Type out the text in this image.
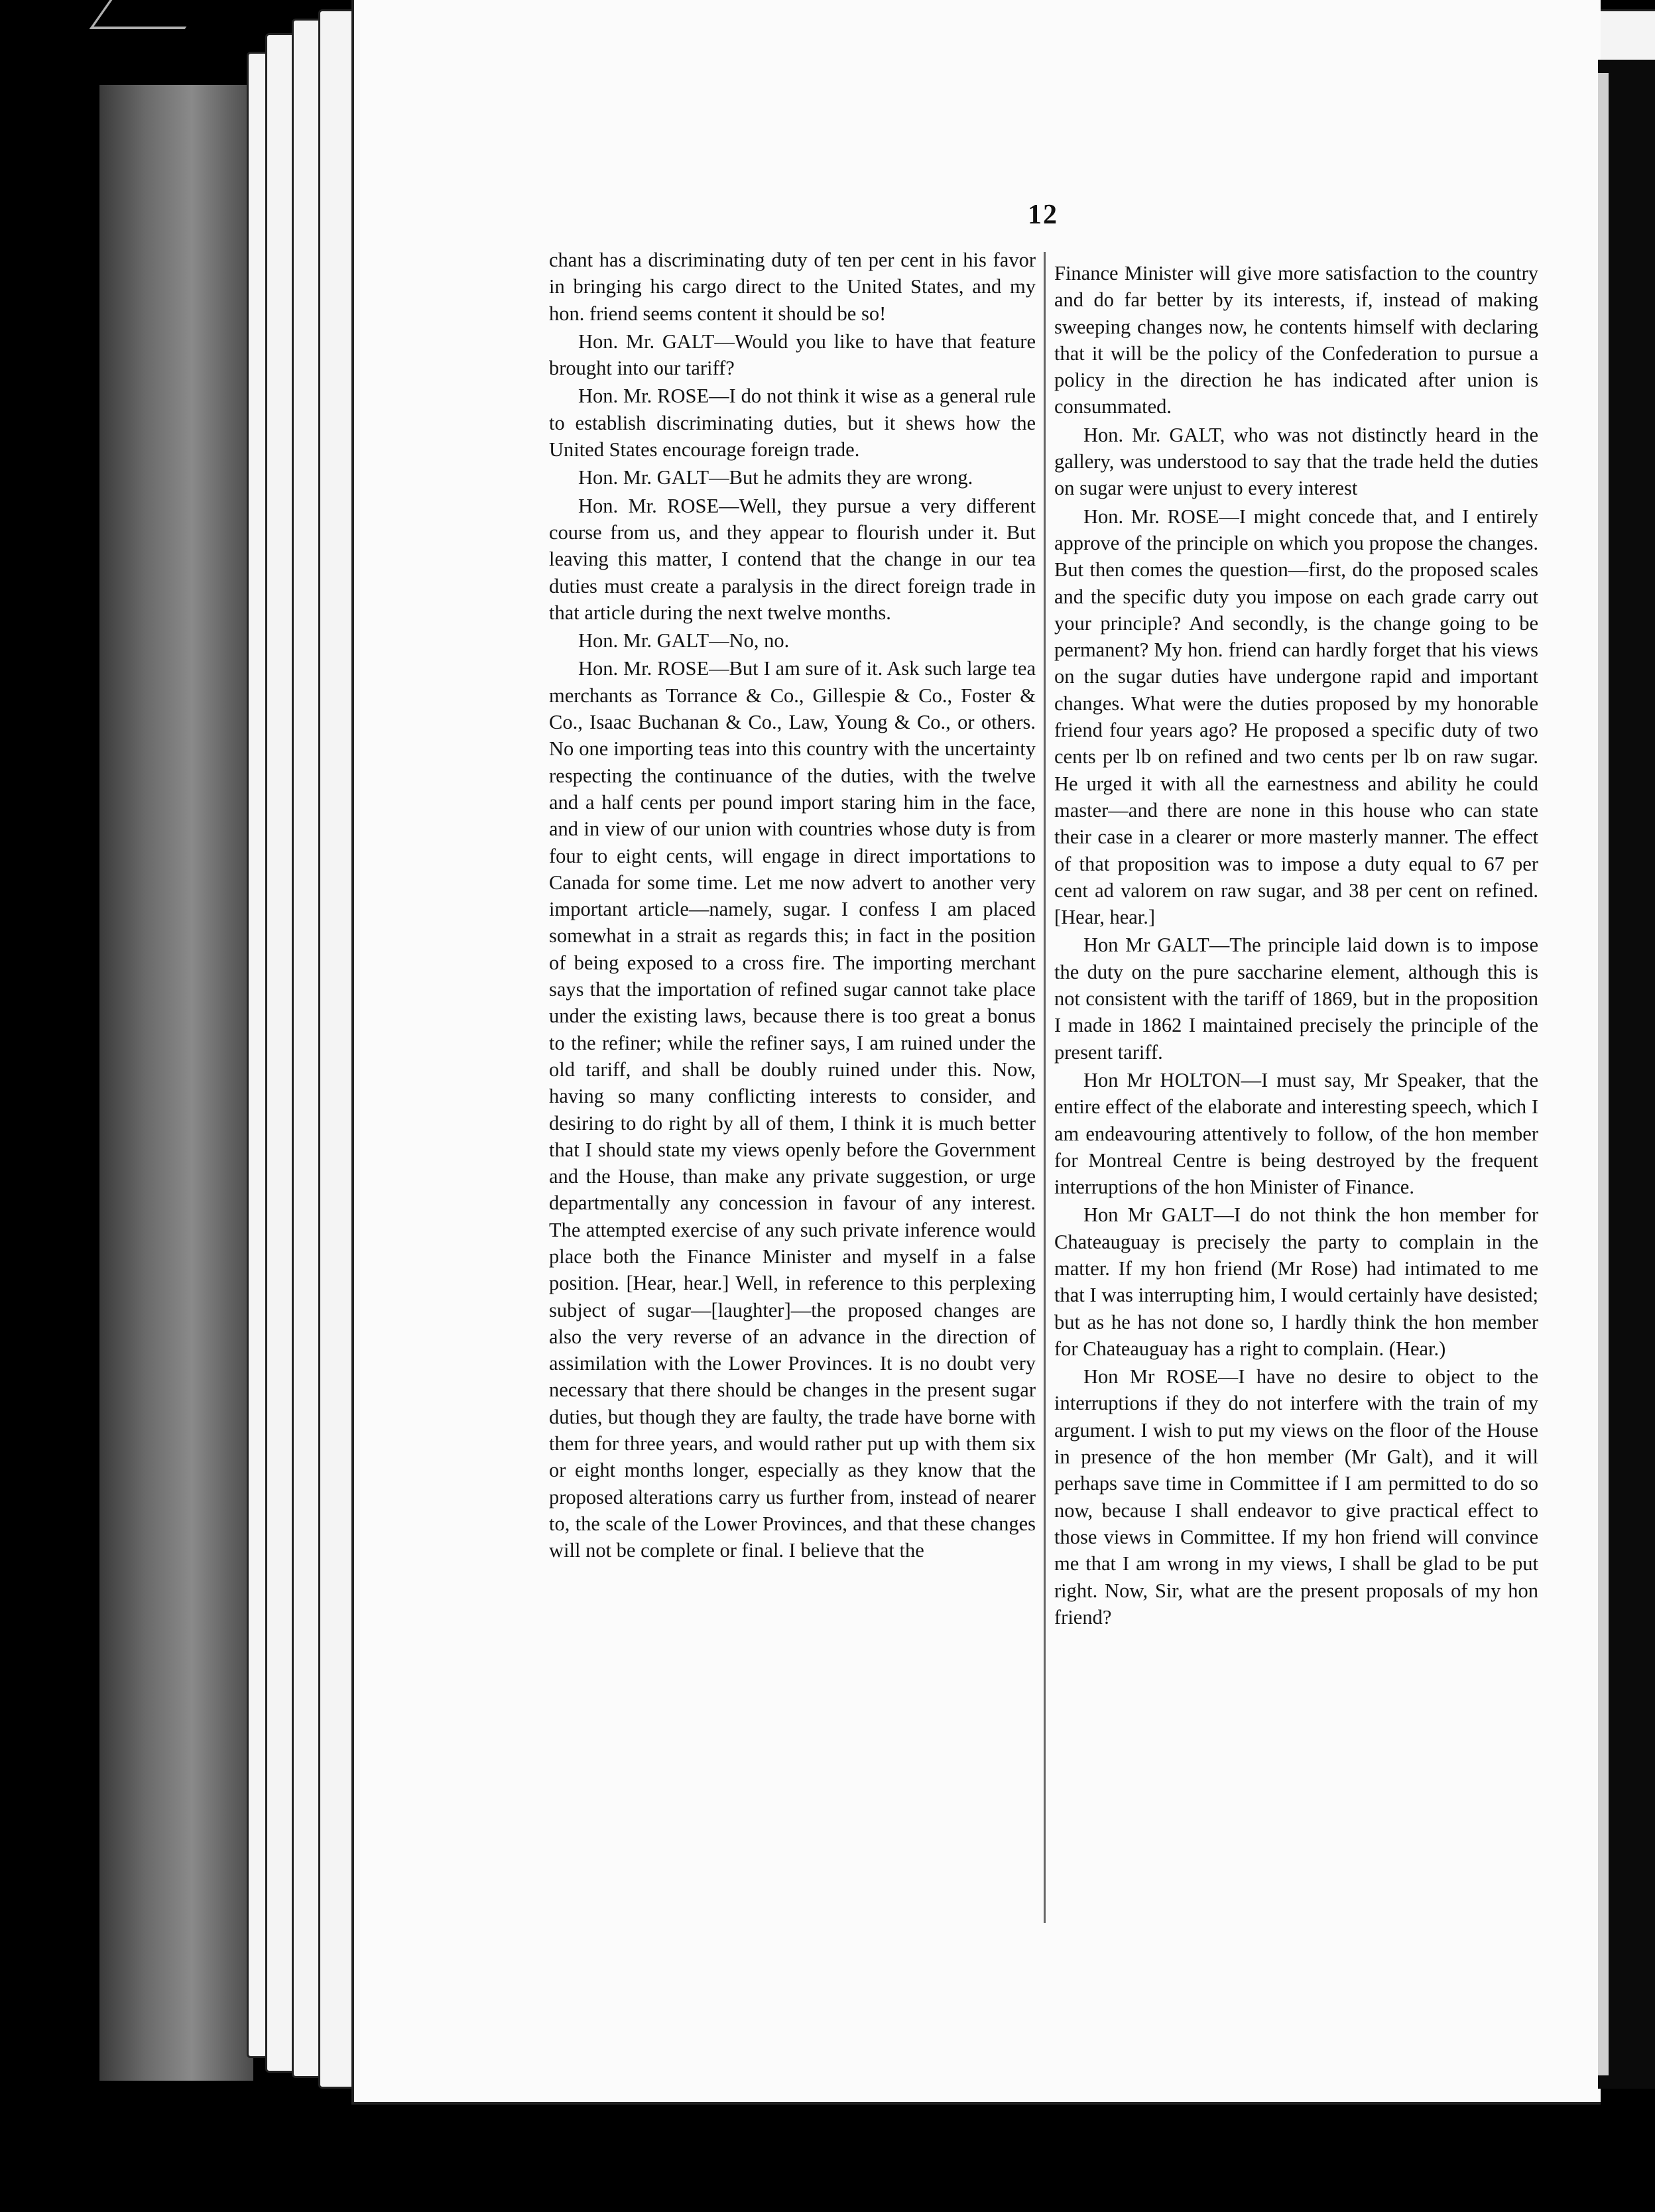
12

chant has a discriminating duty of ten per cent in his favor in bringing his cargo direct to the United States, and my hon. friend seems content it should be so!

Hon. Mr. GALT—Would you like to have that feature brought into our tariff?

Hon. Mr. ROSE—I do not think it wise as a general rule to establish discriminating duties, but it shews how the United States encourage foreign trade.

Hon. Mr. GALT—But he admits they are wrong.

Hon. Mr. ROSE—Well, they pursue a very different course from us, and they appear to flourish under it. But leaving this matter, I contend that the change in our tea duties must create a paralysis in the direct foreign trade in that article during the next twelve months.

Hon. Mr. GALT—No, no.

Hon. Mr. ROSE—But I am sure of it. Ask such large tea merchants as Torrance & Co., Gillespie & Co., Foster & Co., Isaac Buchanan & Co., Law, Young & Co., or others. No one importing teas into this country with the uncertainty respecting the continuance of the duties, with the twelve and a half cents per pound import staring him in the face, and in view of our union with countries whose duty is from four to eight cents, will engage in direct importations to Canada for some time. Let me now advert to another very important article—namely, sugar. I confess I am placed somewhat in a strait as regards this; in fact in the position of being exposed to a cross fire. The importing merchant says that the importation of refined sugar cannot take place under the existing laws, because there is too great a bonus to the refiner; while the refiner says, I am ruined under the old tariff, and shall be doubly ruined under this. Now, having so many conflicting interests to consider, and desiring to do right by all of them, I think it is much better that I should state my views openly before the Government and the House, than make any private suggestion, or urge departmentally any concession in favour of any interest. The attempted exercise of any such private inference would place both the Finance Minister and myself in a false position. [Hear, hear.] Well, in reference to this perplexing subject of sugar—[laughter]—the proposed changes are also the very reverse of an advance in the direction of assimilation with the Lower Provinces. It is no doubt very necessary that there should be changes in the present sugar duties, but though they are faulty, the trade have borne with them for three years, and would rather put up with them six or eight months longer, especially as they know that the proposed alterations carry us further from, instead of nearer to, the scale of the Lower Provinces, and that these changes will not be complete or final. I believe that the

Finance Minister will give more satisfaction to the country and do far better by its interests, if, instead of making sweeping changes now, he contents himself with declaring that it will be the policy of the Confederation to pursue a policy in the direction he has indicated after union is consummated.

Hon. Mr. GALT, who was not distinctly heard in the gallery, was understood to say that the trade held the duties on sugar were unjust to every interest

Hon. Mr. ROSE—I might concede that, and I entirely approve of the principle on which you propose the changes. But then comes the question—first, do the proposed scales and the specific duty you impose on each grade carry out your principle? And secondly, is the change going to be permanent? My hon. friend can hardly forget that his views on the sugar duties have undergone rapid and important changes. What were the duties proposed by my honorable friend four years ago? He proposed a specific duty of two cents per lb on refined and two cents per lb on raw sugar. He urged it with all the earnestness and ability he could master—and there are none in this house who can state their case in a clearer or more masterly manner. The effect of that proposition was to impose a duty equal to 67 per cent ad valorem on raw sugar, and 38 per cent on refined. [Hear, hear.]

Hon Mr GALT—The principle laid down is to impose the duty on the pure saccharine element, although this is not consistent with the tariff of 1869, but in the proposition I made in 1862 I maintained precisely the principle of the present tariff.

Hon Mr HOLTON—I must say, Mr Speaker, that the entire effect of the elaborate and interesting speech, which I am endeavouring attentively to follow, of the hon member for Montreal Centre is being destroyed by the frequent interruptions of the hon Minister of Finance.

Hon Mr GALT—I do not think the hon member for Chateauguay is precisely the party to complain in the matter. If my hon friend (Mr Rose) had intimated to me that I was interrupting him, I would certainly have desisted; but as he has not done so, I hardly think the hon member for Chateauguay has a right to complain. (Hear.)

Hon Mr ROSE—I have no desire to object to the interruptions if they do not interfere with the train of my argument. I wish to put my views on the floor of the House in presence of the hon member (Mr Galt), and it will perhaps save time in Committee if I am permitted to do so now, because I shall endeavor to give practical effect to those views in Committee. If my hon friend will convince me that I am wrong in my views, I shall be glad to be put right. Now, Sir, what are the present proposals of my hon friend?
